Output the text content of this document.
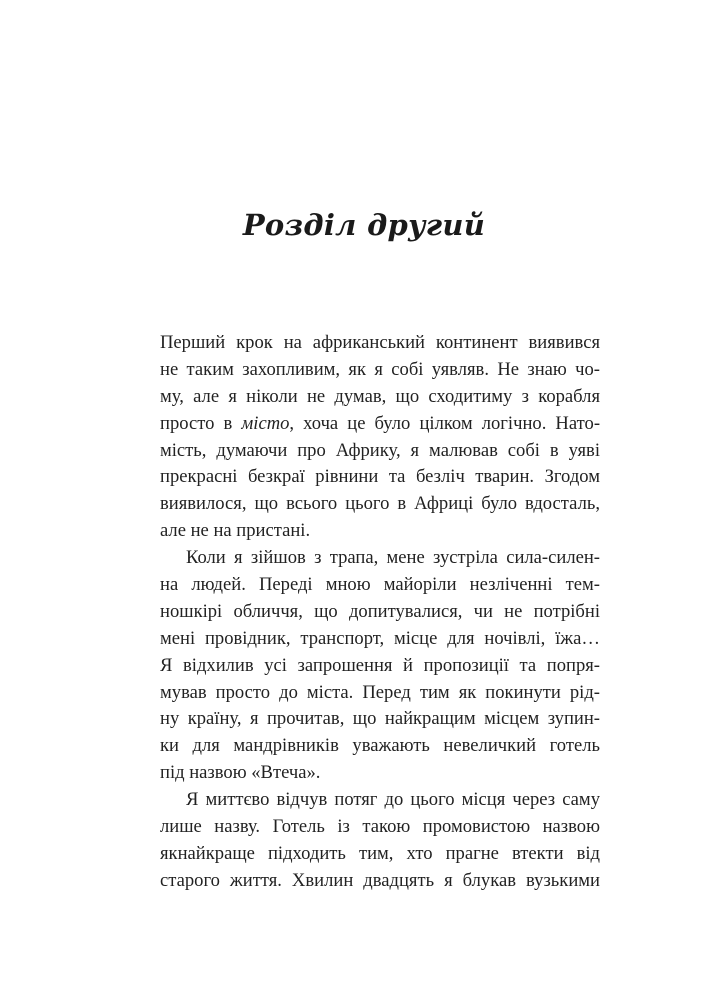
Розділ другий
Перший крок на африканський континент виявився
не таким захопливим, як я собі уявляв. Не знаю чо-
му, але я ніколи не думав, що сходитиму з корабля
просто в місто, хоча це було цілком логічно. Нато-
мість, думаючи про Африку, я малював собі в уяві
прекрасні безкраї рівнини та безліч тварин. Згодом
виявилося, що всього цього в Африці було вдосталь,
але не на пристані.
Коли я зійшов з трапа, мене зустріла сила-силен-
на людей. Переді мною майоріли незліченні тем-
ношкірі обличчя, що допитувалися, чи не потрібні
мені провідник, транспорт, місце для ночівлі, їжа…
Я відхилив усі запрошення й пропозиції та попря-
мував просто до міста. Перед тим як покинути рід-
ну країну, я прочитав, що найкращим місцем зупин-
ки для мандрівників уважають невеличкий готель
під назвою «Втеча».
Я миттєво відчув потяг до цього місця через саму
лише назву. Готель із такою промовистою назвою
якнайкраще підходить тим, хто прагне втекти від
старого життя. Хвилин двадцять я блукав вузькими
